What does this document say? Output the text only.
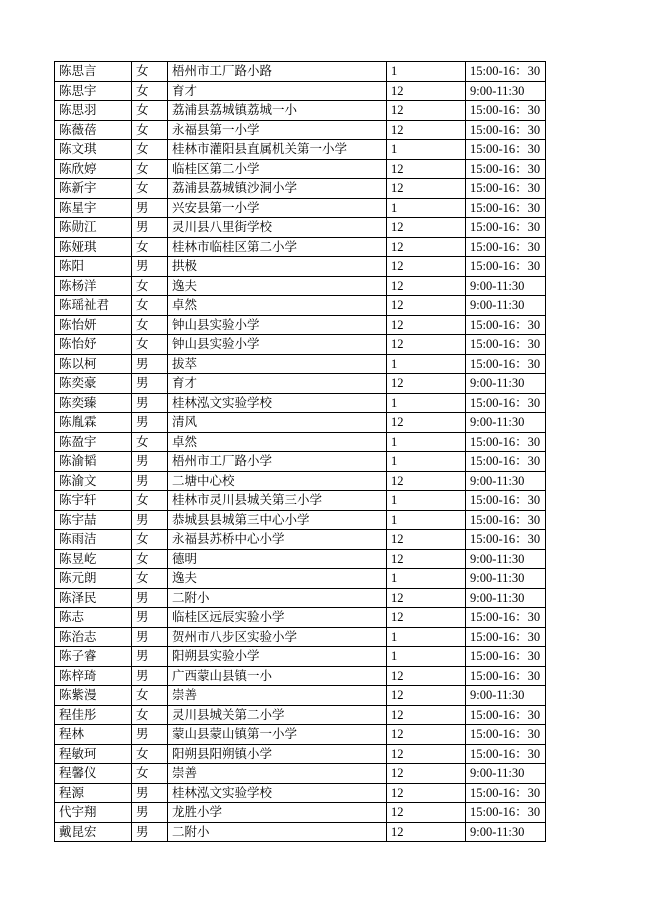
陈思言	女	梧州市工厂路小路	1	15:00-16：30
陈思宇	女	育才	12	9:00-11:30
陈思羽	女	荔浦县荔城镇荔城一小	12	15:00-16：30
陈薇蓓	女	永福县第一小学	12	15:00-16：30
陈文琪	女	桂林市灌阳县直属机关第一小学	1	15:00-16：30
陈欣婷	女	临桂区第二小学	12	15:00-16：30
陈新宇	女	荔浦县荔城镇沙洞小学	12	15:00-16：30
陈星宇	男	兴安县第一小学	1	15:00-16：30
陈勋江	男	灵川县八里街学校	12	15:00-16：30
陈娅琪	女	桂林市临桂区第二小学	12	15:00-16：30
陈阳	男	拱极	12	15:00-16：30
陈杨洋	女	逸夫	12	9:00-11:30
陈瑶祉君	女	卓然	12	9:00-11:30
陈怡妍	女	钟山县实验小学	12	15:00-16：30
陈怡妤	女	钟山县实验小学	12	15:00-16：30
陈以柯	男	拔萃	1	15:00-16：30
陈奕豪	男	育才	12	9:00-11:30
陈奕臻	男	桂林泓文实验学校	1	15:00-16：30
陈胤霖	男	清风	12	9:00-11:30
陈盈宇	女	卓然	1	15:00-16：30
陈渝韬	男	梧州市工厂路小学	1	15:00-16：30
陈渝文	男	二塘中心校	12	9:00-11:30
陈宇轩	女	桂林市灵川县城关第三小学	1	15:00-16：30
陈宇喆	男	恭城县县城第三中心小学	1	15:00-16：30
陈雨洁	女	永福县苏桥中心小学	12	15:00-16：30
陈昱屹	女	德明	12	9:00-11:30
陈元朗	女	逸夫	1	9:00-11:30
陈泽民	男	二附小	12	9:00-11:30
陈志	男	临桂区远辰实验小学	12	15:00-16：30
陈治志	男	贺州市八步区实验小学	1	15:00-16：30
陈子睿	男	阳朔县实验小学	1	15:00-16：30
陈梓琦	男	广西蒙山县镇一小	12	15:00-16：30
陈紫漫	女	崇善	12	9:00-11:30
程佳彤	女	灵川县城关第二小学	12	15:00-16：30
程林	男	蒙山县蒙山镇第一小学	12	15:00-16：30
程敏珂	女	阳朔县阳朔镇小学	12	15:00-16：30
程馨仪	女	崇善	12	9:00-11:30
程源	男	桂林泓文实验学校	12	15:00-16：30
代宇翔	男	龙胜小学	12	15:00-16：30
戴昆宏	男	二附小	12	9:00-11:30
